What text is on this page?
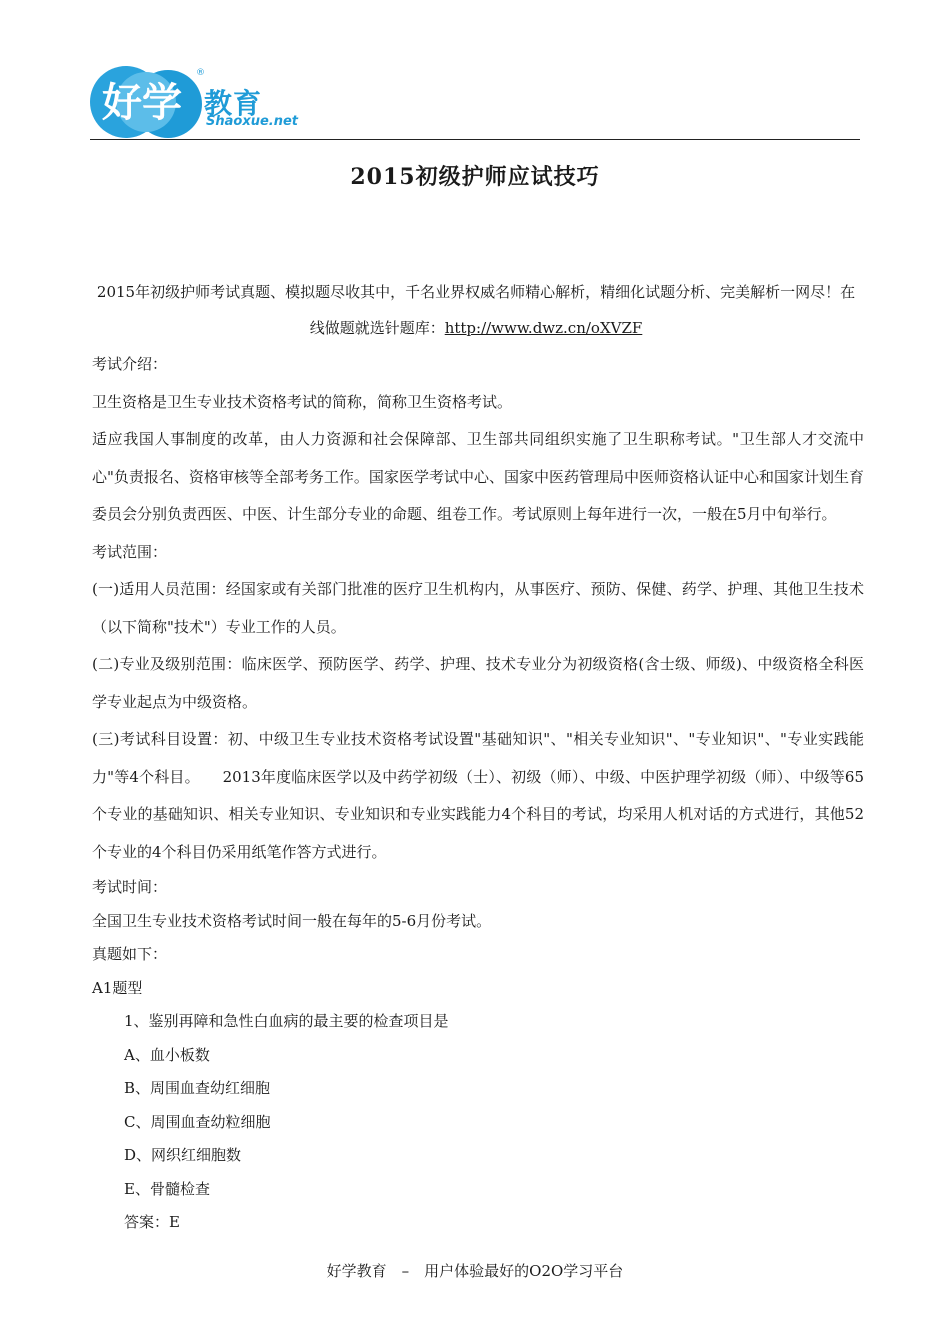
好学
®
教育
Shaoxue.net
2015初级护师应试技巧
2015年初级护师考试真题、模拟题尽收其中，千名业界权威名师精心解析，精细化试题分析、完美解析一网尽！在线做题就选针题库：http://www.dwz.cn/oXVZF

考试介绍：

卫生资格是卫生专业技术资格考试的简称，简称卫生资格考试。

适应我国人事制度的改革，由人力资源和社会保障部、卫生部共同组织实施了卫生职称考试。"卫生部人才交流中心"负责报名、资格审核等全部考务工作。国家医学考试中心、国家中医药管理局中医师资格认证中心和国家计划生育委员会分别负责西医、中医、计生部分专业的命题、组卷工作。考试原则上每年进行一次，一般在5月中旬举行。

考试范围：

(一)适用人员范围：经国家或有关部门批准的医疗卫生机构内，从事医疗、预防、保健、药学、护理、其他卫生技术（以下简称"技术"）专业工作的人员。

(二)专业及级别范围：临床医学、预防医学、药学、护理、技术专业分为初级资格(含士级、师级)、中级资格全科医学专业起点为中级资格。

(三)考试科目设置：初、中级卫生专业技术资格考试设置"基础知识"、"相关专业知识"、"专业知识"、"专业实践能力"等4个科目。　　2013年度临床医学以及中药学初级（士）、初级（师）、中级、中医护理学初级（师）、中级等65个专业的基础知识、相关专业知识、专业知识和专业实践能力4个科目的考试，均采用人机对话的方式进行，其他52个专业的4个科目仍采用纸笔作答方式进行。

考试时间：

全国卫生专业技术资格考试时间一般在每年的5-6月份考试。

真题如下：

A1题型

1、鉴别再障和急性白血病的最主要的检查项目是

A、血小板数

B、周围血查幼红细胞

C、周围血查幼粒细胞

D、网织红细胞数

E、骨髓检查

答案：E

好学教育　–　用户体验最好的O2O学习平台
